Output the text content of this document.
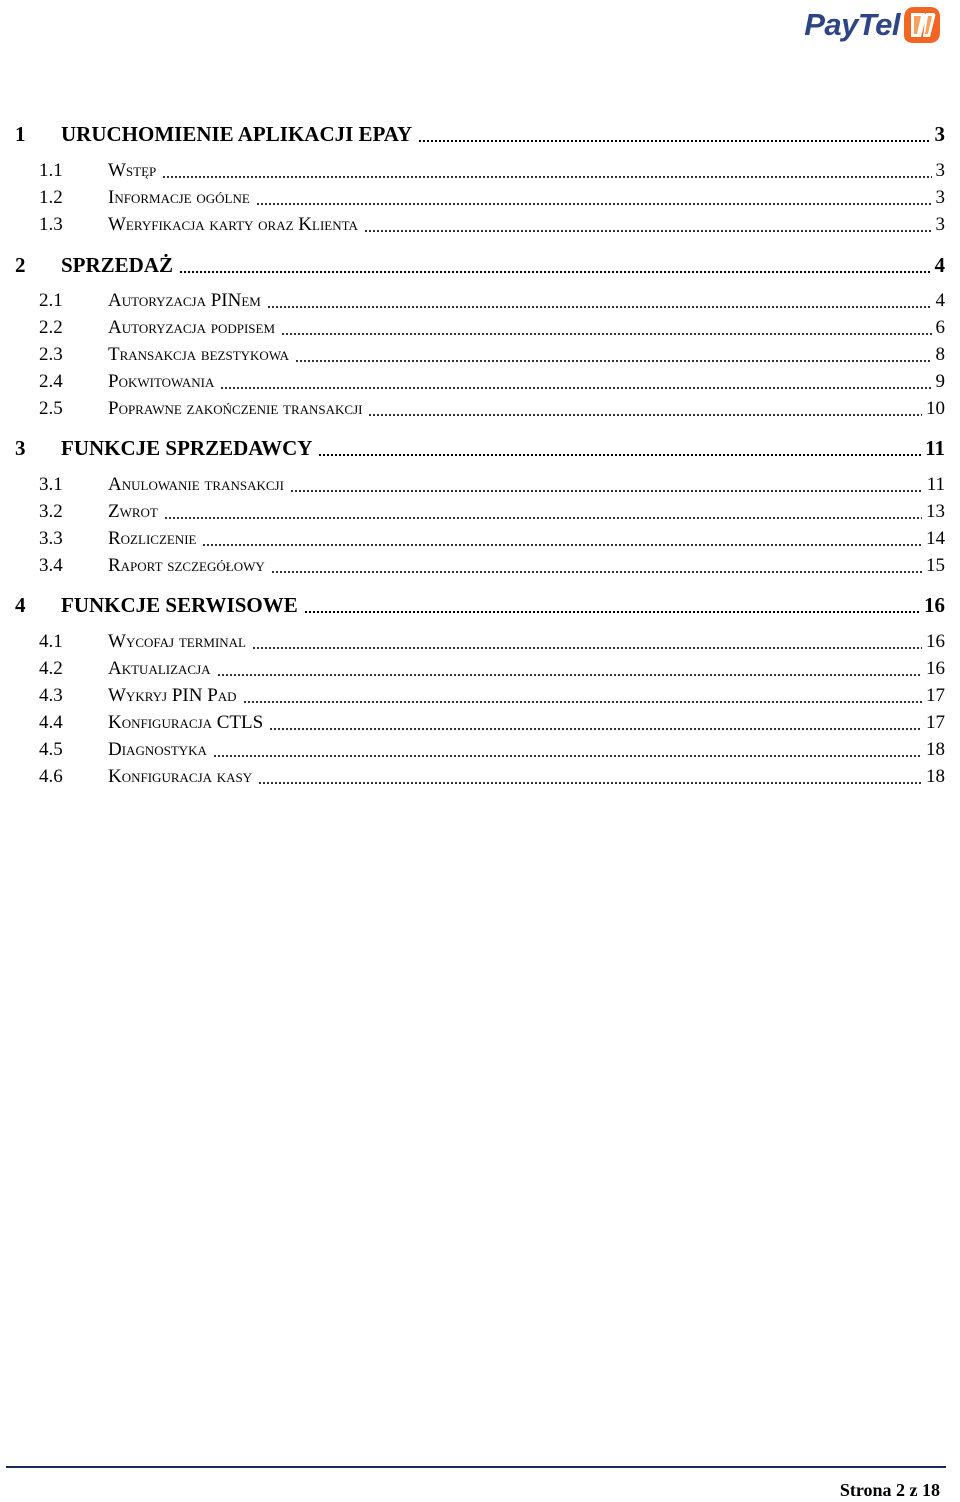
PayTel
1 URUCHOMIENIE APLIKACJI EPAY	3
1.1 Wstęp	3
1.2 Informacje ogólne	3
1.3 Weryfikacja karty oraz Klienta	3
2 SPRZEDAŻ	4
2.1 Autoryzacja PINem	4
2.2 Autoryzacja podpisem	6
2.3 Transakcja bezstykowa	8
2.4 Pokwitowania	9
2.5 Poprawne zakończenie transakcji	10
3 FUNKCJE SPRZEDAWCY	11
3.1 Anulowanie transakcji	11
3.2 Zwrot	13
3.3 Rozliczenie	14
3.4 Raport szczegółowy	15
4 FUNKCJE SERWISOWE	16
4.1 Wycofaj terminal	16
4.2 Aktualizacja	16
4.3 Wykryj PIN Pad	17
4.4 Konfiguracja CTLS	17
4.5 Diagnostyka	18
4.6 Konfiguracja kasy	18
Strona 2 z 18
